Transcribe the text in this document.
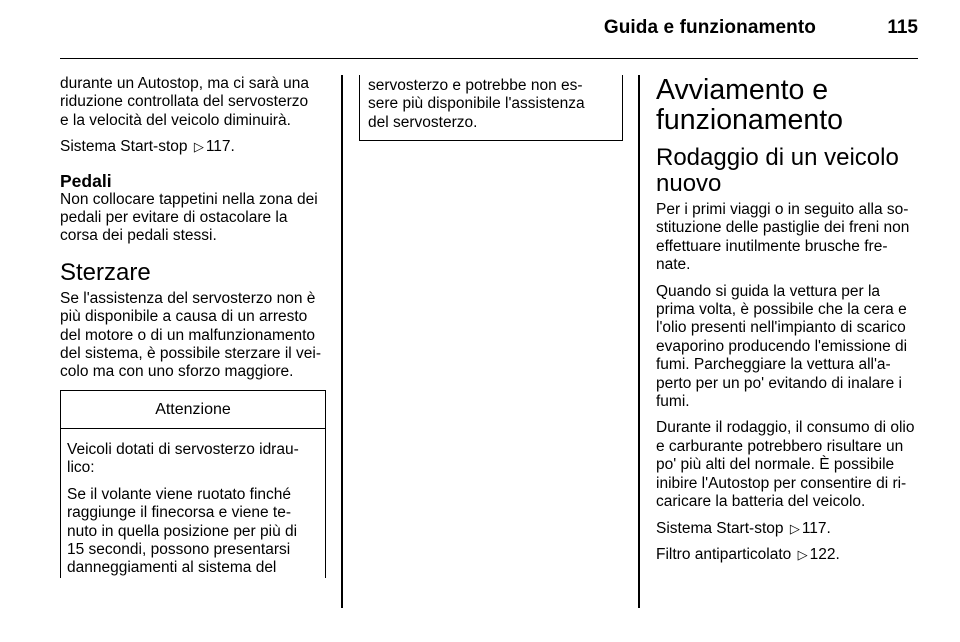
Guida e funzionamento	115

durante un Autostop, ma ci sarà una
riduzione controllata del servosterzo
e la velocità del veicolo diminuirà.

Sistema Start-stop ▷ 117.

Pedali

Non collocare tappetini nella zona dei
pedali per evitare di ostacolare la
corsa dei pedali stessi.

Sterzare

Se l'assistenza del servosterzo non è
più disponibile a causa di un arresto
del motore o di un malfunzionamento
del sistema, è possibile sterzare il vei-
colo ma con uno sforzo maggiore.

Attenzione

Veicoli dotati di servosterzo idrau-
lico:

Se il volante viene ruotato finché
raggiunge il finecorsa e viene te-
nuto in quella posizione per più di
15 secondi, possono presentarsi
danneggiamenti al sistema del

servosterzo e potrebbe non es-
sere più disponibile l'assistenza
del servosterzo.

Avviamento e
funzionamento
Rodaggio di un veicolo
nuovo

Per i primi viaggi o in seguito alla so-
stituzione delle pastiglie dei freni non
effettuare inutilmente brusche fre-
nate.

Quando si guida la vettura per la
prima volta, è possibile che la cera e
l'olio presenti nell'impianto di scarico
evaporino producendo l'emissione di
fumi. Parcheggiare la vettura all'a-
perto per un po' evitando di inalare i
fumi.

Durante il rodaggio, il consumo di olio
e carburante potrebbero risultare un
po' più alti del normale. È possibile
inibire l'Autostop per consentire di ri-
caricare la batteria del veicolo.

Sistema Start-stop ▷ 117.

Filtro antiparticolato ▷ 122.
